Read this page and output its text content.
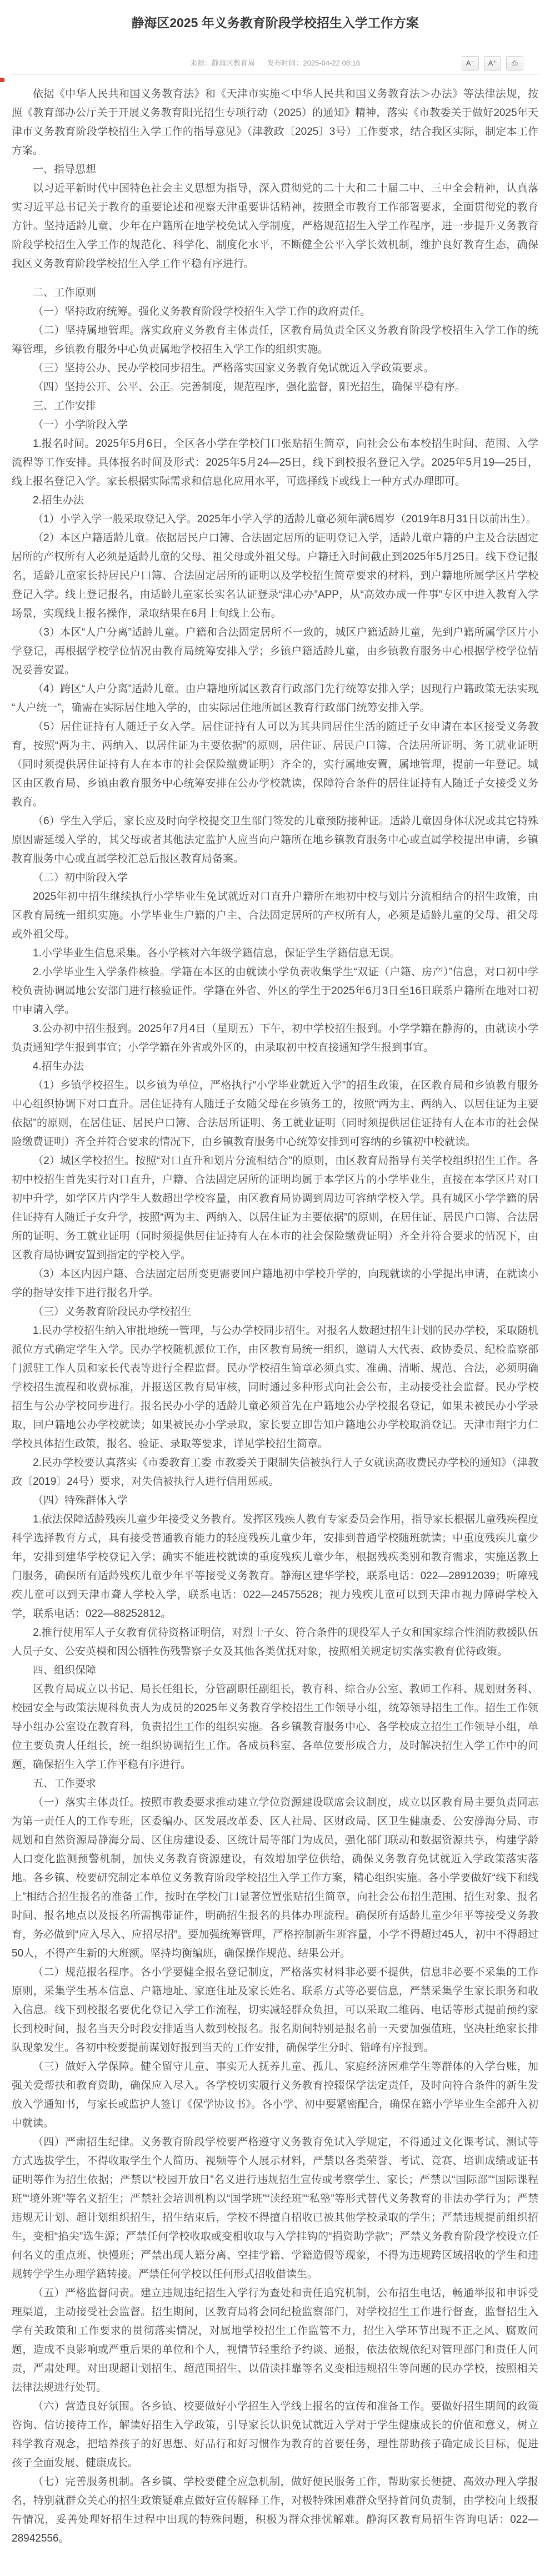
静海区2025 年义务教育阶段学校招生入学工作方案
来源：静海区教育局 发布时间：2025-04-22 08:16	A⁻ A⁺ ⎙

依据《中华人民共和国义务教育法》和《天津市实施＜中华人民共和国义务教育法＞办法》等法律法规，按照《教育部办公厅关于开展义务教育阳光招生专项行动（2025）的通知》精神，落实《市教委关于做好2025年天津市义务教育阶段学校招生入学工作的指导意见》（津教政〔2025〕3号）工作要求，结合我区实际，制定本工作方案。

一、指导思想

以习近平新时代中国特色社会主义思想为指导，深入贯彻党的二十大和二十届二中、三中全会精神，认真落实习近平总书记关于教育的重要论述和视察天津重要讲话精神，按照全市教育工作部署要求，全面贯彻党的教育方针。坚持适龄儿童、少年在户籍所在地学校免试入学制度，严格规范招生入学工作程序，进一步提升义务教育阶段学校招生入学工作的规范化、科学化、制度化水平，不断健全公平入学长效机制，维护良好教育生态，确保我区义务教育阶段学校招生入学工作平稳有序进行。

二、工作原则

（一）坚持政府统筹。强化义务教育阶段学校招生入学工作的政府责任。

（二）坚持属地管理。落实政府义务教育主体责任，区教育局负责全区义务教育阶段学校招生入学工作的统筹管理，乡镇教育服务中心负责属地学校招生入学工作的组织实施。

（三）坚持公办、民办学校同步招生。严格落实国家义务教育免试就近入学政策要求。

（四）坚持公开、公平、公正。完善制度，规范程序，强化监督，阳光招生，确保平稳有序。

三、工作安排

（一）小学阶段入学

1.报名时间。2025年5月6日，全区各小学在学校门口张贴招生简章，向社会公布本校招生时间、范围、入学流程等工作安排。具体报名时间及形式：2025年5月24—25日，线下到校报名登记入学。2025年5月19—25日，线上报名登记入学。家长根据实际需求和信息化应用水平，可选择线下或线上一种方式办理即可。

2.招生办法

（1）小学入学一般采取登记入学。2025年小学入学的适龄儿童必须年满6周岁（2019年8月31日以前出生）。

（2）本区户籍适龄儿童。依据居民户口簿、合法固定居所的证明登记入学，适龄儿童户籍的户主及合法固定居所的产权所有人必须是适龄儿童的父母、祖父母或外祖父母。户籍迁入时间截止到2025年5月25日。线下登记报名，适龄儿童家长持居民户口簿、合法固定居所的证明以及学校招生简章要求的材料，到户籍地所属学区片学校登记入学。线上登记报名，由适龄儿童家长实名认证登录“津心办”APP，从“高效办成一件事”专区中进入教育入学场景，实现线上报名操作，录取结果在6月上旬线上公布。

（3）本区“人户分离”适龄儿童。户籍和合法固定居所不一致的，城区户籍适龄儿童，先到户籍所属学区片小学登记，再根据学校学位情况由教育局统筹安排入学；乡镇户籍适龄儿童，由乡镇教育服务中心根据学校学位情况妥善安置。

（4）跨区“人户分离”适龄儿童。由户籍地所属区教育行政部门先行统筹安排入学；因现行户籍政策无法实现“人户统一”，确需在实际居住地入学的，由实际居住地所属区教育行政部门统筹安排入学。

（5）居住证持有人随迁子女入学。居住证持有人可以为其共同居住生活的随迁子女申请在本区接受义务教育，按照“两为主、两纳入、以居住证为主要依据”的原则，居住证、居民户口簿、合法居所证明、务工就业证明（同时须提供居住证持有人在本市的社会保险缴费证明）齐全的，实行属地安置，属地管理，提前一年登记。城区由区教育局、乡镇由教育服务中心统筹安排在公办学校就读，保障符合条件的居住证持有人随迁子女接受义务教育。

（6）学生入学后，家长应及时向学校提交卫生部门签发的儿童预防接种证。适龄儿童因身体状况或其它特殊原因需延缓入学的，其父母或者其他法定监护人应当向户籍所在地乡镇教育服务中心或直属学校提出申请，乡镇教育服务中心或直属学校汇总后报区教育局备案。

（二）初中阶段入学

2025年初中招生继续执行小学毕业生免试就近对口直升户籍所在地初中校与划片分流相结合的招生政策，由区教育局统一组织实施。小学毕业生户籍的户主、合法固定居所的产权所有人，必须是适龄儿童的父母、祖父母或外祖父母。

1.小学毕业生信息采集。各小学核对六年级学籍信息，保证学生学籍信息无误。

2.小学毕业生入学条件核验。学籍在本区的由就读小学负责收集学生“双证（户籍、房产）”信息，对口初中学校负责协调属地公安部门进行核验证件。学籍在外省、外区的学生于2025年6月3日至16日联系户籍所在地对口初中申请入学。

3.公办初中招生报到。2025年7月4日（星期五）下午，初中学校招生报到。小学学籍在静海的，由就读小学负责通知学生报到事宜；小学学籍在外省或外区的，由录取初中校直接通知学生报到事宜。

4.招生办法

（1）乡镇学校招生。以乡镇为单位，严格执行“小学毕业就近入学”的招生政策，在区教育局和乡镇教育服务中心组织协调下对口直升。居住证持有人随迁子女随父母在乡镇务工的，按照“两为主、两纳入、以居住证为主要依据”的原则，在居住证、居民户口簿、合法居所证明、务工就业证明（同时须提供居住证持有人在本市的社会保险缴费证明）齐全并符合要求的情况下，由乡镇教育服务中心统筹安排到可容纳的乡镇初中校就读。

（2）城区学校招生。按照“对口直升和划片分流相结合”的原则，由区教育局指导有关学校组织招生工作。各初中校招生首先实行对口直升，户籍、合法固定居所的证明均属于本学区片的小学毕业生，直接在本学区片对口初中升学，如学区片内学生人数超出学校容量，由区教育局协调到周边可容纳学校入学。具有城区小学学籍的居住证持有人随迁子女升学，按照“两为主、两纳入、以居住证为主要依据”的原则，在居住证、居民户口簿、合法居所的证明、务工就业证明（同时须提供居住证持有人在本市的社会保险缴费证明）齐全并符合要求的情况下，由区教育局协调安置到指定的学校入学。

（3）本区内因户籍、合法固定居所变更需要回户籍地初中学校升学的，向现就读的小学提出申请，在就读小学的指导安排下进行报名升学。

（三）义务教育阶段民办学校招生

1.民办学校招生纳入审批地统一管理，与公办学校同步招生。对报名人数超过招生计划的民办学校，采取随机派位方式确定学生入学。民办学校随机派位工作，由区教育局统一组织，邀请人大代表、政协委员、纪检监察部门派驻工作人员和家长代表等进行全程监督。民办学校招生简章必须真实、准确、清晰、规范、合法，必须明确学校招生流程和收费标准，并报送区教育局审核，同时通过多种形式向社会公布，主动接受社会监督。民办学校招生与公办学校同步进行。报名民办小学的适龄儿童必须首先在户籍地公办学校报名登记，如果未被民办小学录取，回户籍地公办学校就读；如果被民办小学录取，家长要立即告知户籍地公办学校取消登记。天津市翔宇力仁学校具体招生政策，报名、验证、录取等要求，详见学校招生简章。

2.民办学校要认真落实《市委教育工委 市教委关于限制失信被执行人子女就读高收费民办学校的通知》（津教政〔2019〕24号）要求，对失信被执行人进行信用惩戒。

（四）特殊群体入学

1.依法保障适龄残疾儿童少年接受义务教育。发挥区残疾人教育专家委员会作用，指导家长根据儿童残疾程度科学选择教育方式，具有接受普通教育能力的轻度残疾儿童少年，安排到普通学校随班就读；中重度残疾儿童少年，安排到建华学校登记入学；确实不能进校就读的重度残疾儿童少年，根据残疾类别和教育需求，实施送教上门服务，确保所有适龄残疾儿童少年平等接受义务教育。静海区建华学校，联系电话：022—28912039；听障残疾儿童可以到天津市聋人学校入学，联系电话：022—24575528；视力残疾儿童可以到天津市视力障碍学校入学，联系电话：022—88252812。

2.推行使用军人子女教育优待资格证明信，对烈士子女、符合条件的现役军人子女和国家综合性消防救援队伍人员子女、公安英模和因公牺牲伤残警察子女及其他各类优抚对象，按照相关规定切实落实教育优待政策。

四、组织保障

区教育局成立以书记、局长任组长，分管副职任副组长，教育科、综合办公室、教师工作科、规划财务科、校园安全与政策法规科负责人为成员的2025年义务教育学校招生工作领导小组，统筹领导招生工作。招生工作领导小组办公室设在教育科，负责招生工作的组织实施。各乡镇教育服务中心、各学校成立招生工作领导小组，单位主要负责人任组长，统一组织协调招生工作。各成员科室、各单位要形成合力，及时解决招生入学工作中的问题，确保招生入学工作平稳有序进行。

五、工作要求

（一）落实主体责任。按照市教委要求推动建立学位资源建设联席会议制度，成立以区教育局主要负责同志为第一责任人的工作专班，区委编办、区发展改革委、区人社局、区财政局、区卫生健康委、公安静海分局、市规划和自然资源局静海分局、区住房建设委、区统计局等部门为成员，强化部门联动和数据资源共享，构建学龄人口变化监测预警机制，加快义务教育资源建设，有效增加学位供给，确保义务教育免试就近入学政策落实落地。各乡镇、校要研究制定本单位义务教育阶段学校招生入学工作方案，精心组织实施。各小学要做好“线下和线上”相结合招生报名的准备工作，按时在学校门口显著位置张贴招生简章，向社会公布招生范围、招生对象、报名时间、报名地点以及报名所需携带证件，明确招生报名的具体办理流程。确保所有适龄儿童少年平等接受义务教育，务必做到“应入尽入、应招尽招”。要加强统筹管理，严格控制新生班容量，小学不得超过45人，初中不得超过50人，不得产生新的大班额。坚持均衡编班，确保操作规范、结果公开。

（二）规范报名程序。各小学要健全报名登记制度，严格落实材料非必要不提供，信息非必要不采集的工作原则，采集学生基本信息、户籍地址、家庭住址及家长姓名、联系方式等必要信息，严禁采集学生家长职务和收入信息。线下到校报名要优化登记入学工作流程，切实减轻群众负担，可以采取二维码、电话等形式提前预约家长到校时间，报名当天分时段安排适当人数到校报名。报名期间特别是报名前一天要加强值班，坚决杜绝家长排队现象发生。各初中校要提前谋划好报到当天的工作安排，确保学生分时、错峰有序报到。

（三）做好入学保障。健全留守儿童、事实无人抚养儿童、孤儿、家庭经济困难学生等群体的入学台账，加强关爱帮扶和教育资助，确保应入尽入。各学校切实履行义务教育控辍保学法定责任，及时向符合条件的新生发放入学通知书，与家长或监护人签订《保学协议书》。各小学、初中要紧密配合，确保在籍小学毕业生全部升入初中就读。

（四）严肃招生纪律。义务教育阶段学校要严格遵守义务教育免试入学规定，不得通过文化课考试、测试等方式选拔学生，不得收取学生个人简历、视频等个人展示材料，严禁以各类荣誉、考试、竞赛、培训成绩或证书证明等作为招生依据；严禁以“校园开放日”名义进行违规招生宣传或考察学生、家长；严禁以“国际部”“国际课程班”“境外班”等名义招生；严禁社会培训机构以“国学班”“读经班”“私塾”等形式替代义务教育的非法办学行为；严禁违规无计划、超计划组织招生，招生结束后，学校不得擅自招收已被其他学校录取的学生；严禁违规提前组织招生，变相“掐尖”选生源；严禁任何学校收取或变相收取与入学挂钩的“捐资助学款”；严禁义务教育阶段学校设立任何名义的重点班、快慢班；严禁出现人籍分离、空挂学籍、学籍造假等现象，不得为违规跨区域招收的学生和违规转学学生办理学籍转接。严禁任何学校以任何形式招收借读生。

（五）严格监督问责。建立违规违纪招生入学行为查处和责任追究机制，公布招生电话，畅通举报和申诉受理渠道，主动接受社会监督。招生期间，区教育局将会同纪检监察部门，对学校招生工作进行督查，监督招生入学有关政策和工作要求的贯彻落实情况，对属地学校招生工作监管不力，招生入学环节出现不正之风、腐败问题，造成不良影响或严重后果的单位和个人，视情节轻重给予约谈、通报，依法依规依纪对管理部门和责任人问责，严肃处理。对出现超计划招生、超范围招生、以借读挂靠等名义变相违规招生等问题的民办学校，按照相关法律法规进行处罚。

（六）营造良好氛围。各乡镇、校要做好小学招生入学线上报名的宣传和准备工作。要做好招生期间的政策咨询、信访接待工作，解读好招生入学政策，引导家长认识免试就近入学对于学生健康成长的价值和意义，树立科学教育观念，把培养孩子的好思想、好品行和好习惯作为教育的首要任务，理性帮助孩子确定成长目标，促进孩子全面发展、健康成长。

（七）完善服务机制。各乡镇、学校要健全应急机制，做好便民服务工作，帮助家长便捷、高效办理入学报名，特别就群众关心的招生政策疑难点做好宣传解释工作，对极特殊困难群众坚持首问负责制，由学校向上级报告情况，妥善处理好招生过程中出现的特殊问题，积极为群众排忧解难。静海区教育局招生咨询电话：022—28942556。
